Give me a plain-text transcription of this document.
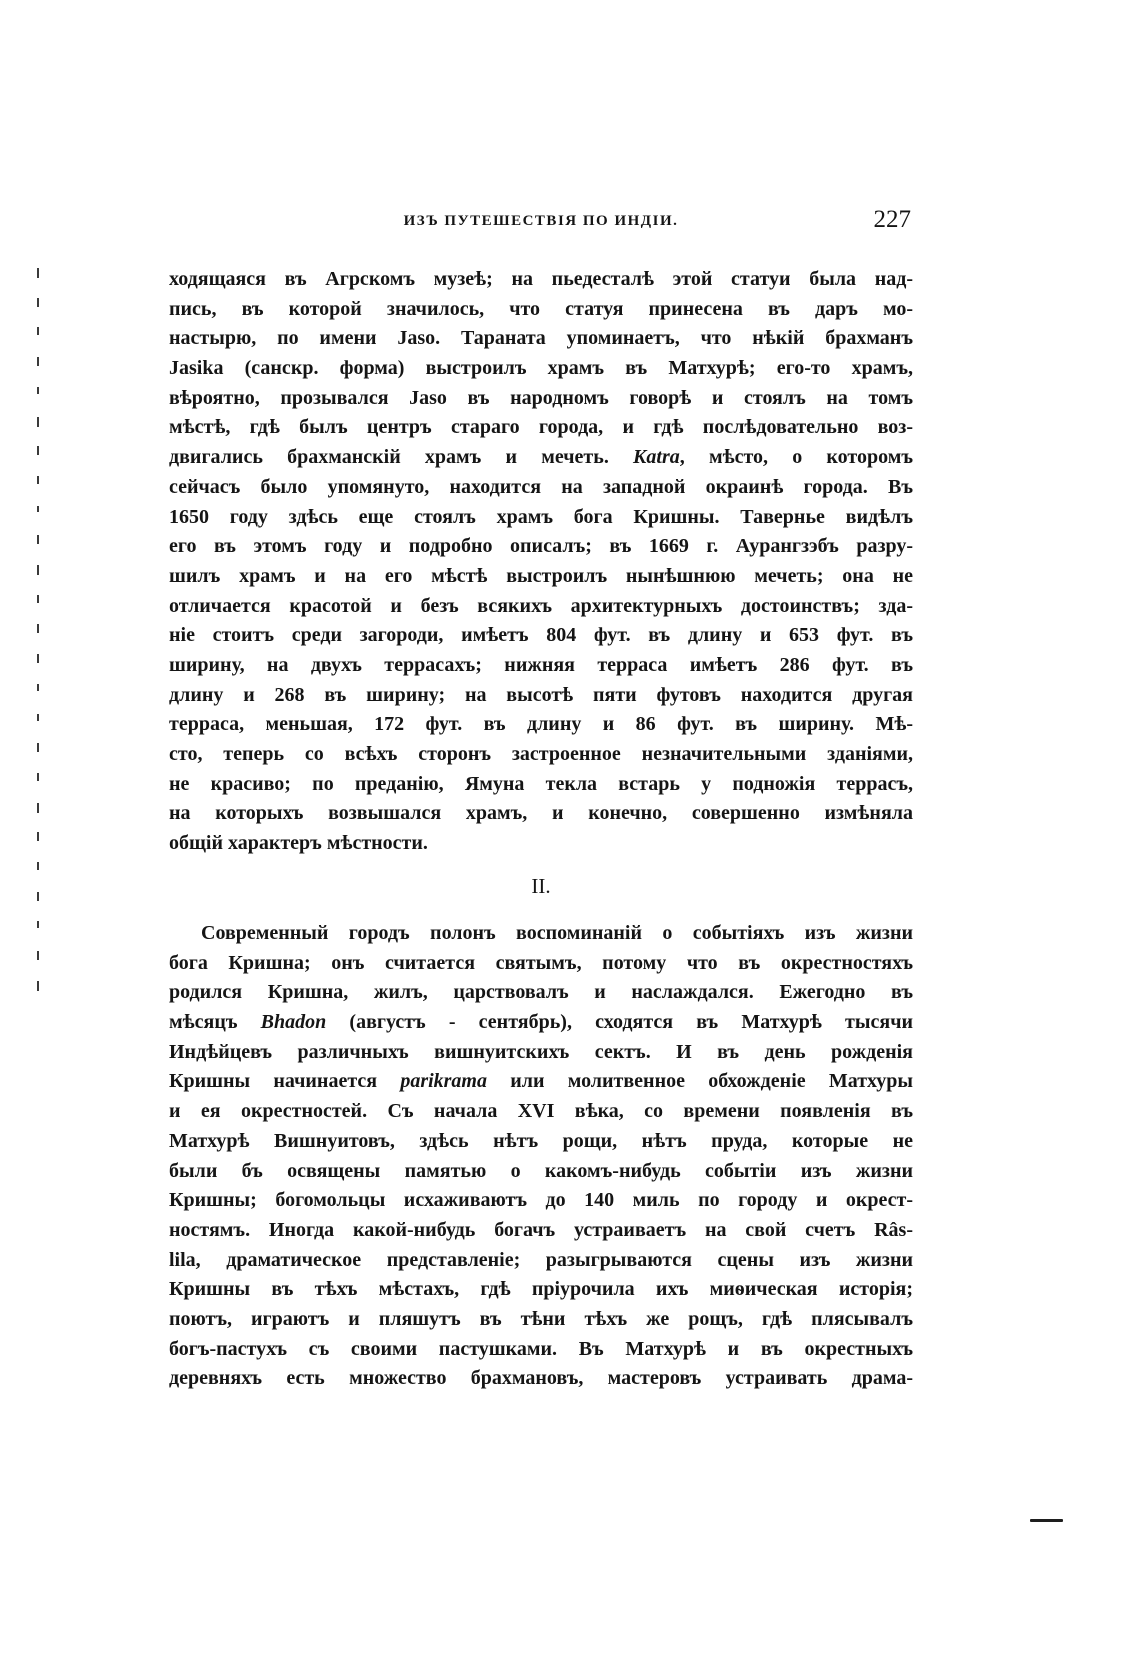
ИЗЪ ПУТЕШЕСТВІЯ ПО ИНДІИ.	227
ходящаяся въ Агрскомъ музеѣ; на пьедесталѣ этой статуи была над-
пись, въ которой значилось, что статуя принесена въ даръ мо-
настырю, по имени Jaso. Таранатa упоминаетъ, что нѣкій брахманъ
Jasika (санскр. форма) выстроилъ храмъ въ Матхурѣ; его-то храмъ,
вѣроятно, прозывался Jaso въ народномъ говорѣ и стоялъ на томъ
мѣстѣ, гдѣ былъ центръ стараго города, и гдѣ послѣдовательно воз-
двигались брахманскій храмъ и мечеть. Katra, мѣсто, о которомъ
сейчасъ было упомянуто, находится на западной окраинѣ города. Въ
1650 году здѣсь еще стоялъ храмъ бога Кришны. Тавернье видѣлъ
его въ этомъ году и подробно описалъ; въ 1669 г. Аурангзэбъ разру-
шилъ храмъ и на его мѣстѣ выстроилъ нынѣшнюю мечеть; она не
отличается красотой и безъ всякихъ архитектурныхъ достоинствъ; зда-
ніе стоитъ среди загороди, имѣетъ 804 фут. въ длину и 653 фут. въ
ширину, на двухъ террасахъ; нижняя терраса имѣетъ 286 фут. въ
длину и 268 въ ширину; на высотѣ пяти футовъ находится другая
терраса, меньшая, 172 фут. въ длину и 86 фут. въ ширину. Мѣ-
сто, теперь со всѣхъ сторонъ застроенное незначительными зданіями,
не красиво; по преданію, Ямуна текла встарь у подножія террасъ,
на которыхъ возвышался храмъ, и конечно, совершенно измѣняла
общій характеръ мѣстности.
II.
Современный городъ полонъ воспоминаній о событіяхъ изъ жизни
бога Кришна; онъ считается святымъ, потому что въ окрестностяхъ
родился Кришна, жилъ, царствовалъ и наслаждался. Ежегодно въ
мѣсяцъ Bhadon (августъ - сентябрь), сходятся въ Матхурѣ тысячи
Индѣйцевъ различныхъ вишнуитскихъ сектъ. И въ день рожденія
Кришны начинается parikrama или молитвенное обхожденіе Матхуры
и ея окрестностей. Съ начала XVI вѣка, со времени появленія въ
Матхурѣ Вишнуитовъ, здѣсь нѣтъ рощи, нѣтъ пруда, которые не
были бъ освящены памятью о какомъ-нибудь событіи изъ жизни
Кришны; богомольцы исхаживаютъ до 140 миль по городу и окрест-
ностямъ. Иногда какой-нибудь богачъ устраиваетъ на свой счетъ Râs-
lila, драматическое представленіе; разыгрываются сцены изъ жизни
Кришны въ тѣхъ мѣстахъ, гдѣ пріурочила ихъ миѳическая исторія;
поютъ, играютъ и пляшутъ въ тѣни тѣхъ же рощъ, гдѣ плясывалъ
богъ-пастухъ съ своими пастушками. Въ Матхурѣ и въ окрестныхъ
деревняхъ есть множество брахмановъ, мастеровъ устраивать драма-
